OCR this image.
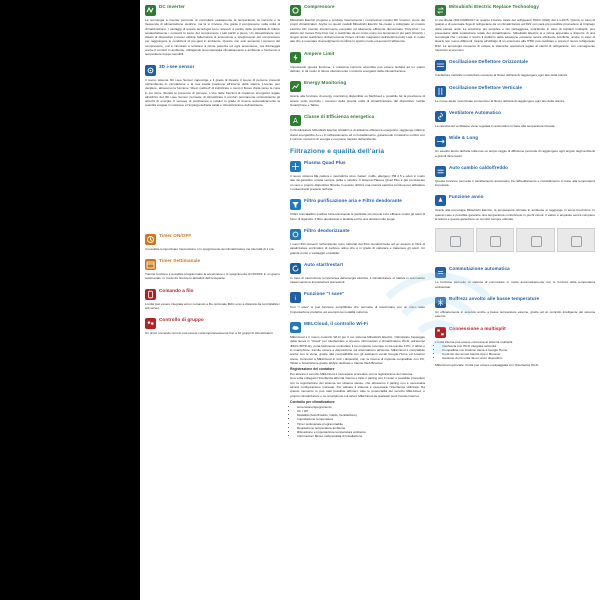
DC Inverter
La tecnologia a inverter permette di controllare esattamente la temperatura, la corrente e la frequenza di alimentazione elettrica, ma la si rinviene che guida il compressore nella unità di climatizzazione. I vantaggi di questa tecnologia sono notevoli: a partire della possibilità di ridurre sostanzialmente i consumi in luoco del compressore i tutti partiti a pieno. Un climatizzatore non dotato di dispositivo inverter utilizza l'alternanza di accensione e spegnimento del compressore per raggiungere le condizioni di pre-gioti in ambiente. Questo non solo aumenta i consumi del compressore, ma è vincolato a tensione a prima potenza ed ogni accensione, ma danneggia anche il comfort in ambiente, obbligando la temperatura climaticamente e ambiente e l'aumento a temperature troppo sensibili.
3D i-see sensor
Il nuovo sistema 3D i-see Sensor capovolge e il grado di rilevare il suono di persone presenti nell'ambiente in circolazione e la sua esatta posizione all'interno della stanza. L'utente può decidere, attraverso la funzione "direct method" di indirizzare o meno il flusso d'aria verso la zona in cui viene rilevata la presenza di persone. L'uso delle funzioni di risparmio energetico legate all'utilizzo del 3D i-see Sensor permette di climatizzare il comfort permanente minimizzando gli sprechi di energia. Il sensore di posizionare e relativi in grado di ricerca automaticamente la quantità erogate in relazione a l'impiego dell'aria calda e climatizzazione dell'ambiente.
Timer ON/OFF
Il possibile temporizzare l'accensione o lo spegnimento del climatizzatore nei intervalli di 1 ora.
Timer Settimanale
Tramite funzione è possibile programmare la accensione o lo spegnimento di ON/OFF in un giorno settimanale, in modo da riuscire le abitudini dell'occupante.
Comando a filo
L'unità può essere integrata ad un comando a filo opzionale MAC-xxxx a distanza da controllabile i wifi server.
Controllo di gruppo
Un unico comando remoto può essere contemporaneamente fino a 16 gruppi di climatizzatori.
Compressore
Mitsubishi Electric progetta e produce internamente i compressori rotativi DC Inverter, cuore dei propri climatizzatori. Anche su questi modelli Mitsubishi Electric ha creato e sviluppato un motore elettrico DC inverter interiormente compatto ed altamente efficiente denominato "Poly-Flux". Lo sfalcio del motore Poly-Flux non è realizzato da un corpo unico ma lamierato in più parti (circuiti), i singoli nuclei realizzano uniformemente l'intero circuito magnetico dell'elettrica polo) Lapi, in modo tale che è smontare di avvolgimento riembire lo spazio morto ed aumenti l'efficienza.
Ampere Limit
Impostando questa funzione, è massima corrente assorbita può essere limitata ad un valore definito, in tal modo si riduce ulteriormente i consumi energetici della climatizzazione.
Energy Monitoring
Grazie alla funzione di energy monitoring disponibile su MelCloud è possibile far la previsione di tenere sotto controllo i consumi della propria unità di climatizzazione dal dispositivo mobile Smartphone e Tablet.
A
Classe di Efficienza energetica
Il climatizzatore Mitsubishi Electric Ultrathin è di altissima efficienza energetica, raggiunge infatti le classi energetiche A+++ in raffrescamento ed in riscaldamento, garantendo il massimo confort con il minimo consumo di energia e nel pieno rispetto dell'ambiente.
Filtrazione e qualità dell'aria
Plasma Quad Plus
Il nuovo sistema DE cattura e neutralizza virus, batteri, muffe, allergeni, PM 2.5 e odori in modo tale da garantire un'aria sempre pulita e salubre. Il sistema Plasma Quad Plus è già considerato un vero e proprio dispositivo filtrante in quanto utilizza una scarica elettrica continua per abbattere i contaminanti presenti nell'aria.
Filtro purificazione aria e Filtro deodorante
Il filtro fotocatalitico purifica l'aria eliminando le particelle più piccole ed è efficace contro gli odori di fumo di sigaretta. Il filtro deodorante è lavabile ed ha una durata molto lunga.
Filtro deodorizzante
I nuovi filtri presenti nell'ambiente sono catturati dal filtro deodorizzante ad un tessuto in fibra di catalizzatore enzimatico di carbone attivo che è in grado di catturare e trattenere gli odori. Un grande punto e vantaggio e lavabile.
Auto start/restart
In caso di interruzione temporanea dell'energia elettrica, il climatizzatore si riattiva in automatico riassumendo le impostazioni precedenti.
i
Funzione "I save"
Con "I save" si può funzione semplificato che permette di selezionare con un unico tasto l'impostazione preferita, ad esempio la modalità notturna.
MELCloud, il controllo Wi-Fi
MELCloud è il nuovo controllo Wi-Fi per il tuo sistema Mitsubishi Electric. Ottimizzato l'appoggio della nuova in "Cloud" per interfacciare a ricevere informazioni e climatizzatore Wi-Fi, attraverso JMAC-587IF-E), porta facilmente controllare il tuo impianto ovunque tu sia tramite il PC, il tablet o lo smartphone, tramite essere a disposizione sul automatismo all'utente. MELCloud è compatibile anche con le viene, grazie alla compatibilità con gli assistenti vocali Google Home ed Amazon Alexa. Connessi a MELCloud in tutti i dispositivi, con la ricerca di risposta compatibile con PC, Tablet e Smartphone grazie all'App dedicate o tramite Web Browser.
Registrazione del contatore
Per attivare il servizio MELCloud è necessario procedere con la registrazione del sistema.
Una volta collegato l'interfaccia all'unità interna e fatto il pairing con il router è possibile procedere con la registrazione del sistema sul sistema stesso, che attraverso il pairing non è necessaria alcuna configurazione manuale. Per attivare il sistema è necessario l'interfaccia utilizzata. Da questo momento lo può stati possibile all'intero tutte le potenzialità del servizio MELCloud, e proprio climatizzatore e su smartphone sul valore MELCloud da qualsiasi posti tramite internet.
Controllo per climatizzatore
• Accensione/spegnimento
• On / Off
• Modalità (Auto/Freddo, Caldo, Ventilazione)
• Impostazione temperatura
• Timer settimanale programmabile
• Regolazione temperatura ambiente
• Rilevazione e impostazione temperatura ambiente
• Informazioni Meteo nella località di installazione
Mitsubishi Electric Replace Technology
In via diretta (2017/2020/02 l'un quanto il banco totale del refrigeranti HCFC (R22) dal 1.1.2015. Quindi, in caso di guasto o di eventuale fuga di refrigerante da un climatizzatore ad R22 non sarà più possibile provvedere al rimpiego della stessa unità. La soluzione più semplice e più vantaggiosa, soprattutto in caso di impianti multisplit, può presentarsi dalla sostituzione totale del climatizzatore. Mitsubishi Electric si è prima apportata a disporre di una tecnologia che i trovate il nostro il riutilizzo della tubazione esistente senza effettuare bonifiche, anche in caso di lavarsi non nuovo differenti. Grazie all'obbligo di un escursore alla l'HSF può cambiare e presto il nuovo refrigerante R32. La tecnologia consente di evitare le classiche operazioni legate ai cambi di refrigerante, con conseguente risparmio economico.
Oscillazione Deflettore Orizzontale
Il deflettore verticale motorizzato consente al flusso dell'aria di raggiungere ogni lato della stanza.
Oscillazione Deflettore Verticale
Le nuove alette motorizzate consentono al flusso dell'aria di raggiungere ogni lato della stanza.
Ventilatore Automatico
La velocità del ventilatore viene regolata in automatico in base alla temperatura rilevata.
Wide & Long
Un elevato lancio dell'aria sulla rete un ampio raggio di diffusione permette di raggiungere ogni angolo degli ambienti a grandi dimensioni.
Auto cambio caldo/freddo
Questa funzione permette il cambiamento automatico fra raffreddamento e riscaldamento in base alla temperatura impostata.
Funzione avvio
Grazie alla tecnologia Mitsubishi Electric, la temperatura ottimale in ambiente si raggiunge in tempi brevissimi. In questo caso è possibile garantire una temperatura confortevole in pochi minuti. Il valore è acquisito senza compiere la lettura e questo garantisce un comfort sempre ottimale.
Commutazione automatica
La funzione permette al sistema di commutare in modo automaticamente con le funzioni della temperatura ambientale.
Bulfrezz avvolto alle basse temperature
Un efficacemente in assoluto anche a basse temperature esterne, grazie ad un controllo intelligente del sistema esterno.
Connessione a multisplit
L'unità interna può essere connessa al sistema multisplit.
• Interfaccia con Wi-Fi integrata nell'unità
• Compatibile con Amazon Alexa e Google Home
• Controllo da remoto tramite App o Browser
• Gestione di più unità da un unico dispositivo
MELCloud opzionale: l'unità può essere equipaggiata con l'interfaccia Wi-Fi.
